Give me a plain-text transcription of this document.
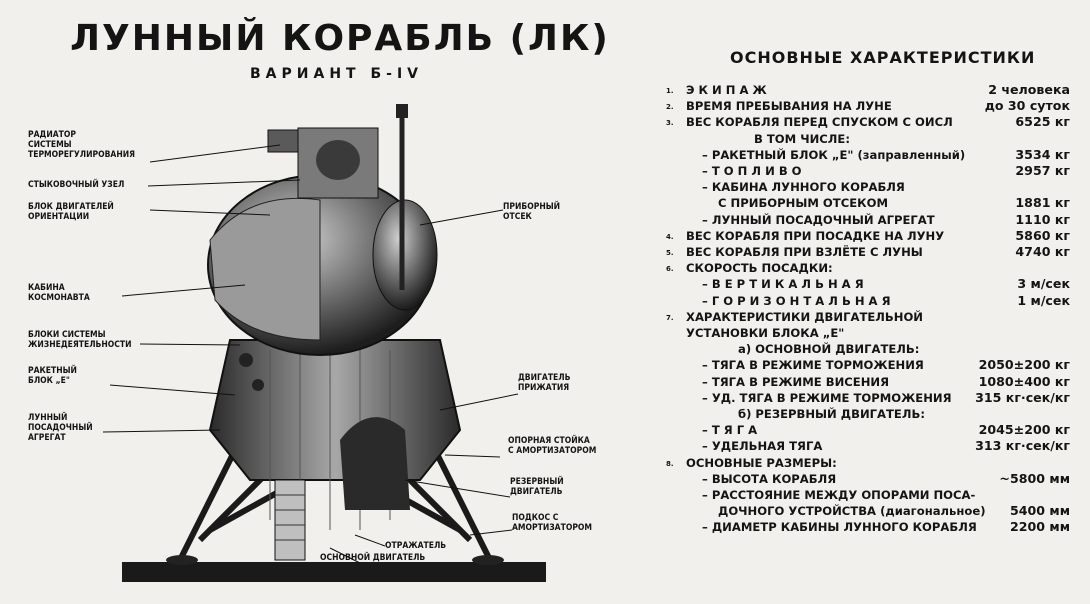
ЛУННЫЙ КОРАБЛЬ (ЛК)
ВАРИАНТ Б-IV
РАДИАТОР
СИСТЕМЫ
ТЕРМОРЕГУЛИРОВАНИЯ
СТЫКОВОЧНЫЙ УЗЕЛ
БЛОК ДВИГАТЕЛЕЙ
ОРИЕНТАЦИИ
КАБИНА
КОСМОНАВТА
БЛОКИ СИСТЕМЫ
ЖИЗНЕДЕЯТЕЛЬНОСТИ
РАКЕТНЫЙ
БЛОК „Е"
ЛУННЫЙ
ПОСАДОЧНЫЙ
АГРЕГАТ
ПРИБОРНЫЙ
ОТСЕК
ДВИГАТЕЛЬ
ПРИЖАТИЯ
ОПОРНАЯ СТОЙКА
С АМОРТИЗАТОРОМ
РЕЗЕРВНЫЙ
ДВИГАТЕЛЬ
ПОДКОС С
АМОРТИЗАТОРОМ
ОТРАЖАТЕЛЬ
ОСНОВНОЙ ДВИГАТЕЛЬ
ОСНОВНЫЕ ХАРАКТЕРИСТИКИ
1. Э К И П А Ж	2 человека
2. ВРЕМЯ ПРЕБЫВАНИЯ НА ЛУНЕ	до 30 суток
3. ВЕС КОРАБЛЯ ПЕРЕД СПУСКОМ С ОИСЛ	6525 кг
В ТОМ ЧИСЛЕ:
– РАКЕТНЫЙ БЛОК „Е" (заправленный)	3534 кг
– Т О П Л И В О	2957 кг
– КАБИНА ЛУННОГО КОРАБЛЯ
С ПРИБОРНЫМ ОТСЕКОМ	1881 кг
– ЛУННЫЙ ПОСАДОЧНЫЙ АГРЕГАТ	1110 кг
4. ВЕС КОРАБЛЯ ПРИ ПОСАДКЕ НА ЛУНУ	5860 кг
5. ВЕС КОРАБЛЯ ПРИ ВЗЛЁТЕ С ЛУНЫ	4740 кг
6. СКОРОСТЬ ПОСАДКИ:
– В Е Р Т И К А Л Ь Н А Я	3 м/сек
– Г О Р И З О Н Т А Л Ь Н А Я	1 м/сек
7. ХАРАКТЕРИСТИКИ ДВИГАТЕЛЬНОЙ
УСТАНОВКИ БЛОКА „Е"
а) ОСНОВНОЙ ДВИГАТЕЛЬ:
– ТЯГА В РЕЖИМЕ ТОРМОЖЕНИЯ	2050±200 кг
– ТЯГА В РЕЖИМЕ ВИСЕНИЯ	1080±400 кг
– УД. ТЯГА В РЕЖИМЕ ТОРМОЖЕНИЯ 315 кг·сек/кг
б) РЕЗЕРВНЫЙ ДВИГАТЕЛЬ:
– Т Я Г А	2045±200 кг
– УДЕЛЬНАЯ ТЯГА	313 кг·сек/кг
8. ОСНОВНЫЕ РАЗМЕРЫ:
– ВЫСОТА КОРАБЛЯ	~5800 мм
– РАССТОЯНИЕ МЕЖДУ ОПОРАМИ ПОСА-
ДОЧНОГО УСТРОЙСТВА (диагональное) 5400 мм
– ДИАМЕТР КАБИНЫ ЛУННОГО КОРАБЛЯ	2200 мм
